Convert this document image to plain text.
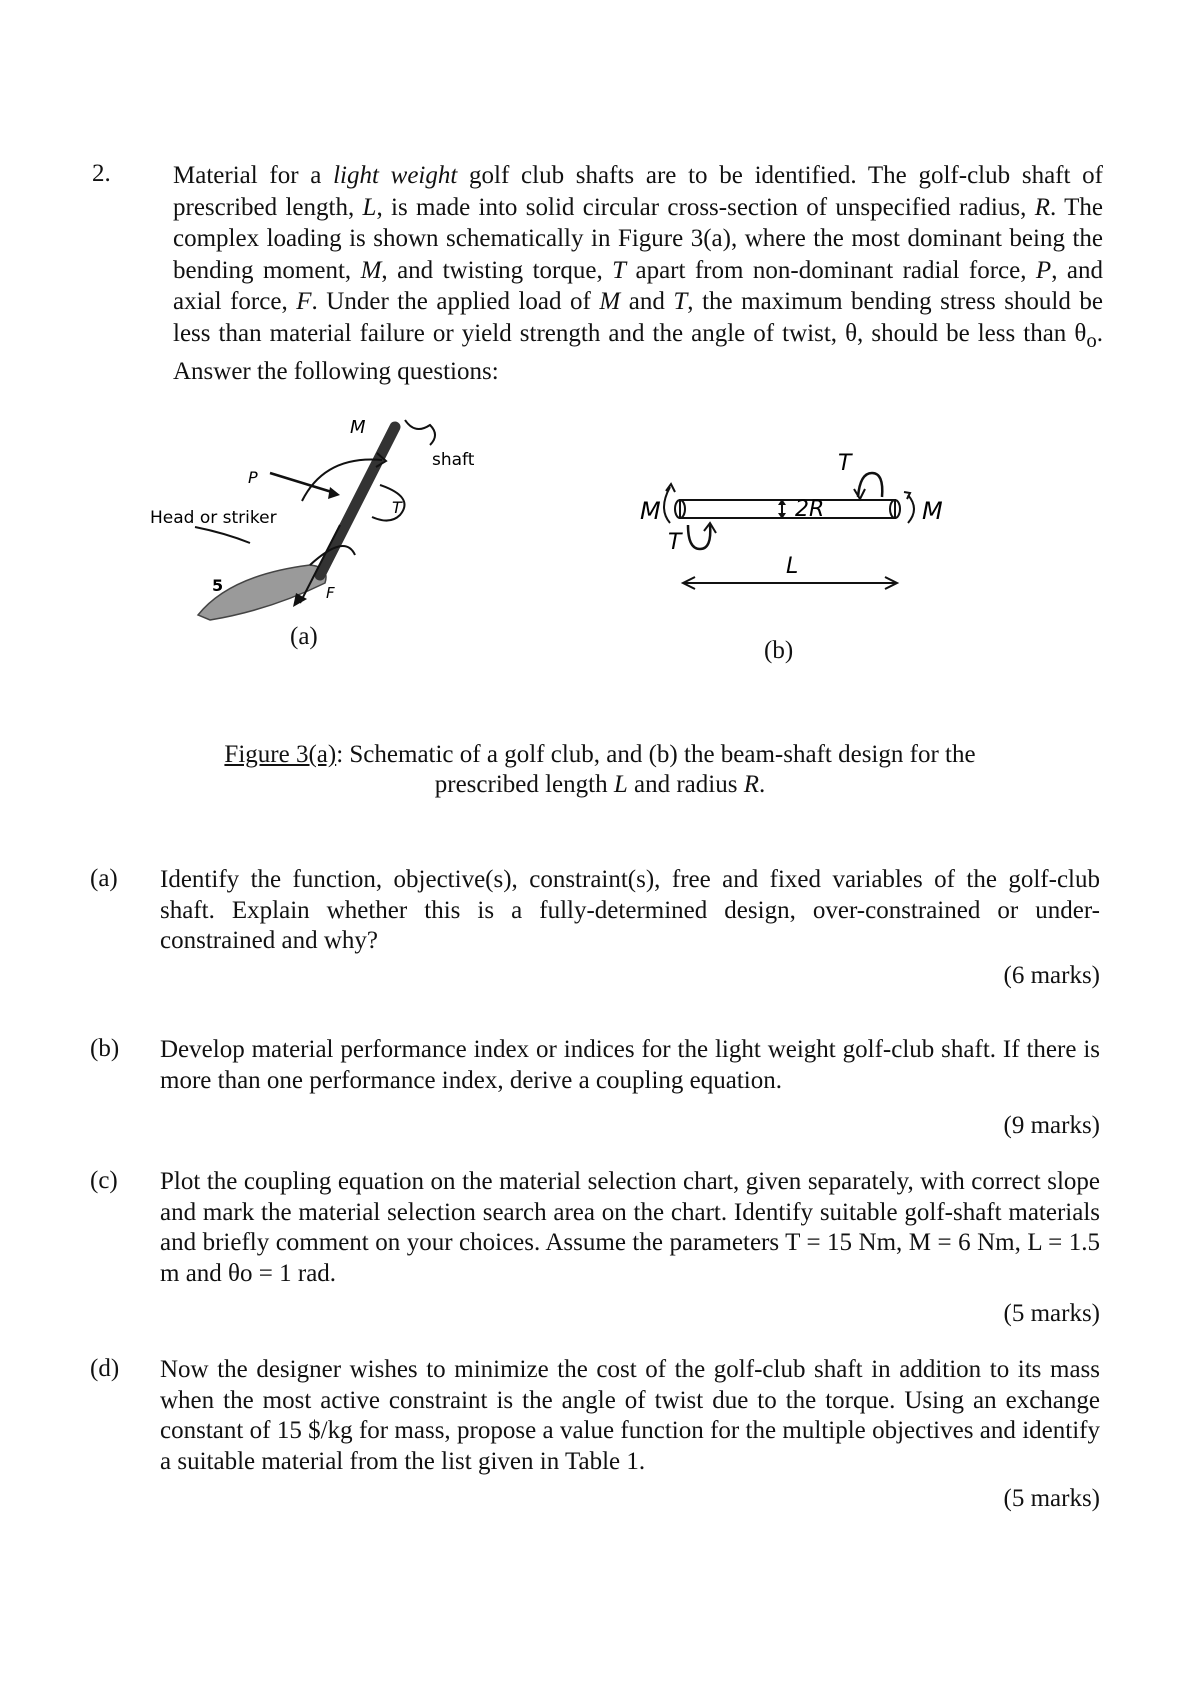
2. Material for a light weight golf club shafts are to be identified. The golf-club shaft of prescribed length, L, is made into solid circular cross-section of unspecified radius, R. The complex loading is shown schematically in Figure 3(a), where the most dominant being the bending moment, M, and twisting torque, T apart from non-dominant radial force, P, and axial force, F. Under the applied load of M and T, the maximum bending stress should be less than material failure or yield strength and the angle of twist, θ, should be less than $\theta_o$. Answer the following questions:
M
shaft
P
T
Head or striker
F
5
T
M	M
2R
T
L
(a)
(b)
Figure 3(a): Schematic of a golf club, and (b) the beam-shaft design for the
prescribed length L and radius R.
(a) Identify the function, objective(s), constraint(s), free and fixed variables of the golf-club shaft. Explain whether this is a fully-determined design, over-constrained or under-constrained and why?
(6 marks)
(b) Develop material performance index or indices for the light weight golf-club shaft. If there is more than one performance index, derive a coupling equation.
(9 marks)
(c) Plot the coupling equation on the material selection chart, given separately, with correct slope and mark the material selection search area on the chart. Identify suitable golf-shaft materials and briefly comment on your choices. Assume the parameters T = 15 Nm, M = 6 Nm, L = 1.5 m and θo = 1 rad.
(5 marks)
(d) Now the designer wishes to minimize the cost of the golf-club shaft in addition to its mass when the most active constraint is the angle of twist due to the torque. Using an exchange constant of 15 $/kg for mass, propose a value function for the multiple objectives and identify a suitable material from the list given in Table 1.
(5 marks)
